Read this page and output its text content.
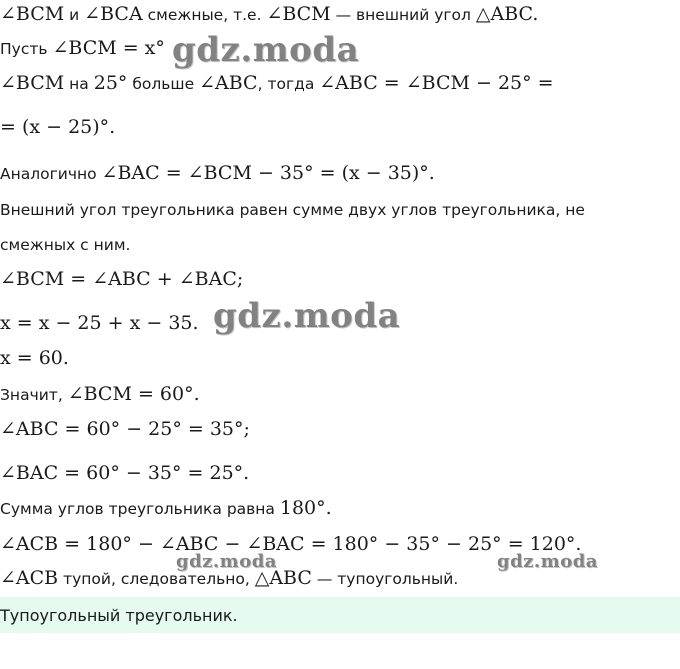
∠BCM и ∠BCA смежные, т.е. ∠BCM — внешний угол △ABC.
Пусть ∠BCM = x°
∠BCM на 25° больше ∠ABC, тогда ∠ABC = ∠BCM − 25° =
= (x − 25)°.
Аналогично ∠BAC = ∠BCM − 35° = (x − 35)°.
Внешний угол треугольника равен сумме двух углов треугольника, не
смежных с ним.
∠BCM = ∠ABC + ∠BAC;
x = x − 25 + x − 35.
x = 60.
Значит, ∠BCM = 60°.
∠ABC = 60° − 25° = 35°;
∠BAC = 60° − 35° = 25°.
Сумма углов треугольника равна 180°.
∠ACB = 180° − ∠ABC − ∠BAC = 180° − 35° − 25° = 120°.
∠ACB тупой, следовательно, △ABC — тупоугольный.
Тупоугольный треугольник.
gdz.moda
gdz.moda
gdz.moda	gdz.moda
